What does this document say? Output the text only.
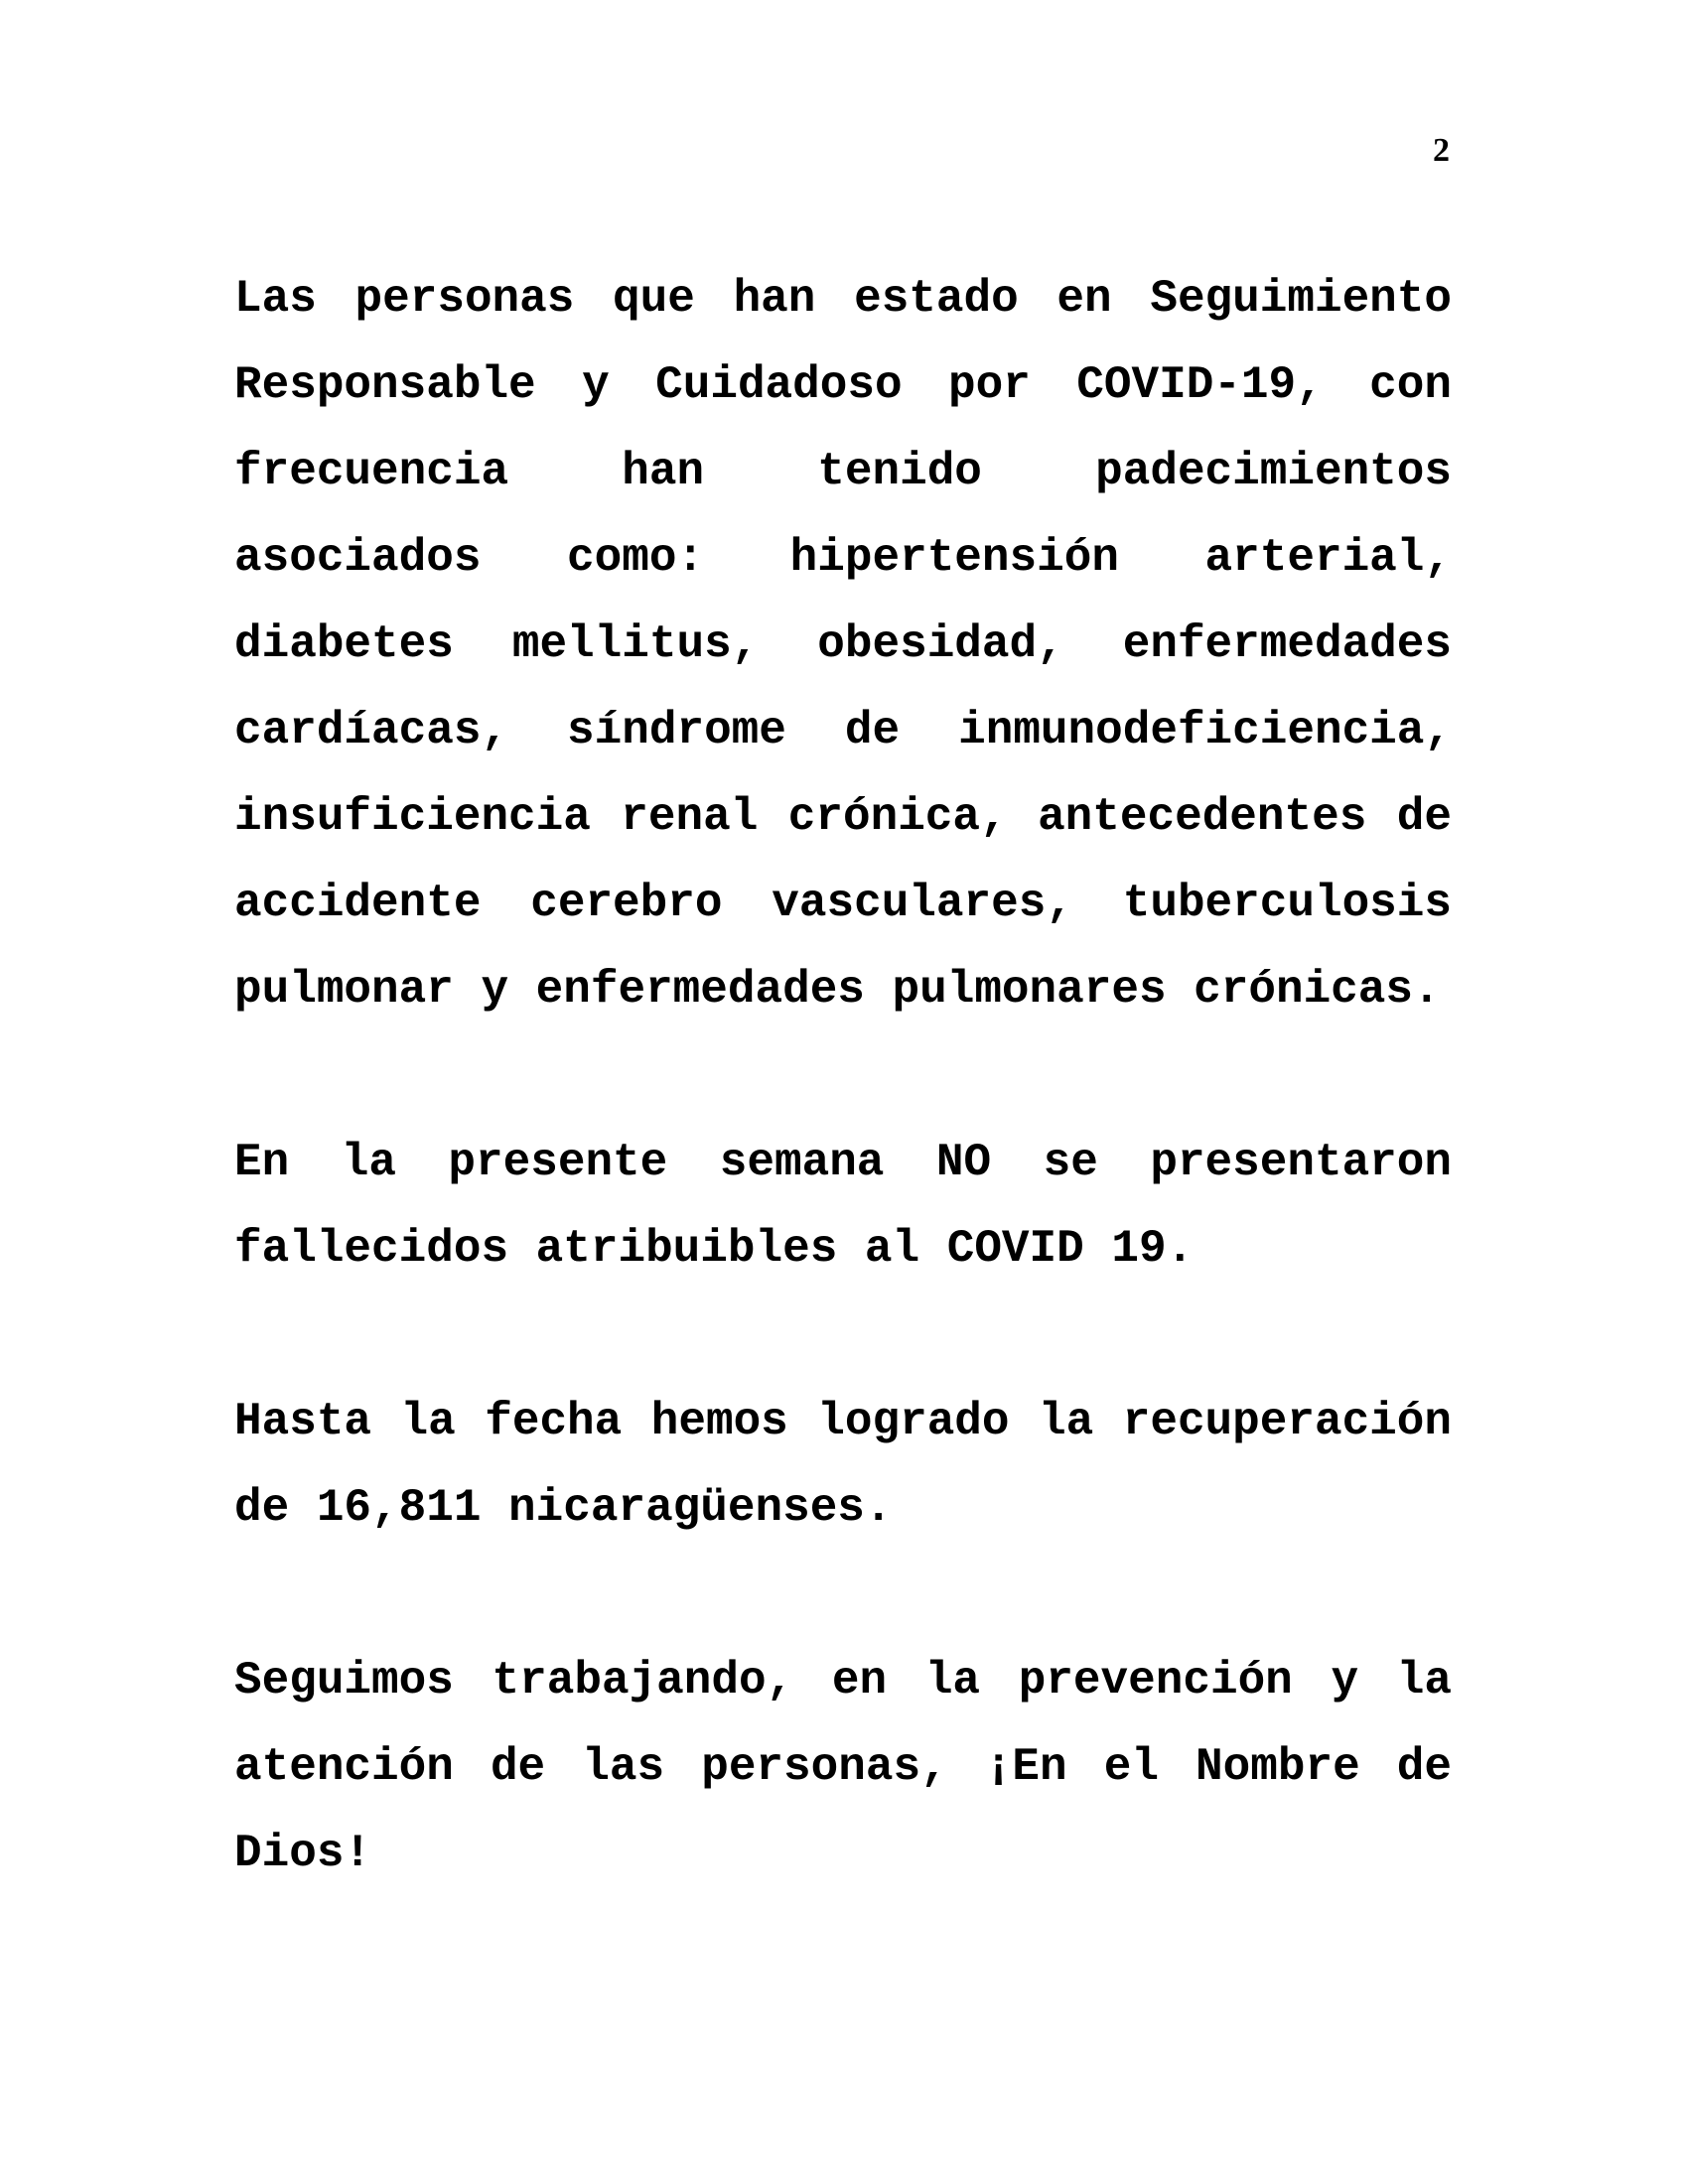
2

Las personas que han estado en Seguimiento Responsable y Cuidadoso por COVID-19, con frecuencia han tenido padecimientos asociados como: hipertensión arterial, diabetes mellitus, obesidad, enfermedades cardíacas, síndrome de inmunodeficiencia, insuficiencia renal crónica, antecedentes de accidente cerebro vasculares, tuberculosis pulmonar y enfermedades pulmonares crónicas.

En la presente semana NO se presentaron fallecidos atribuibles al COVID 19.

Hasta la fecha hemos logrado la recuperación de 16,811 nicaragüenses.

Seguimos trabajando, en la prevención y la atención de las personas, ¡En el Nombre de Dios!
